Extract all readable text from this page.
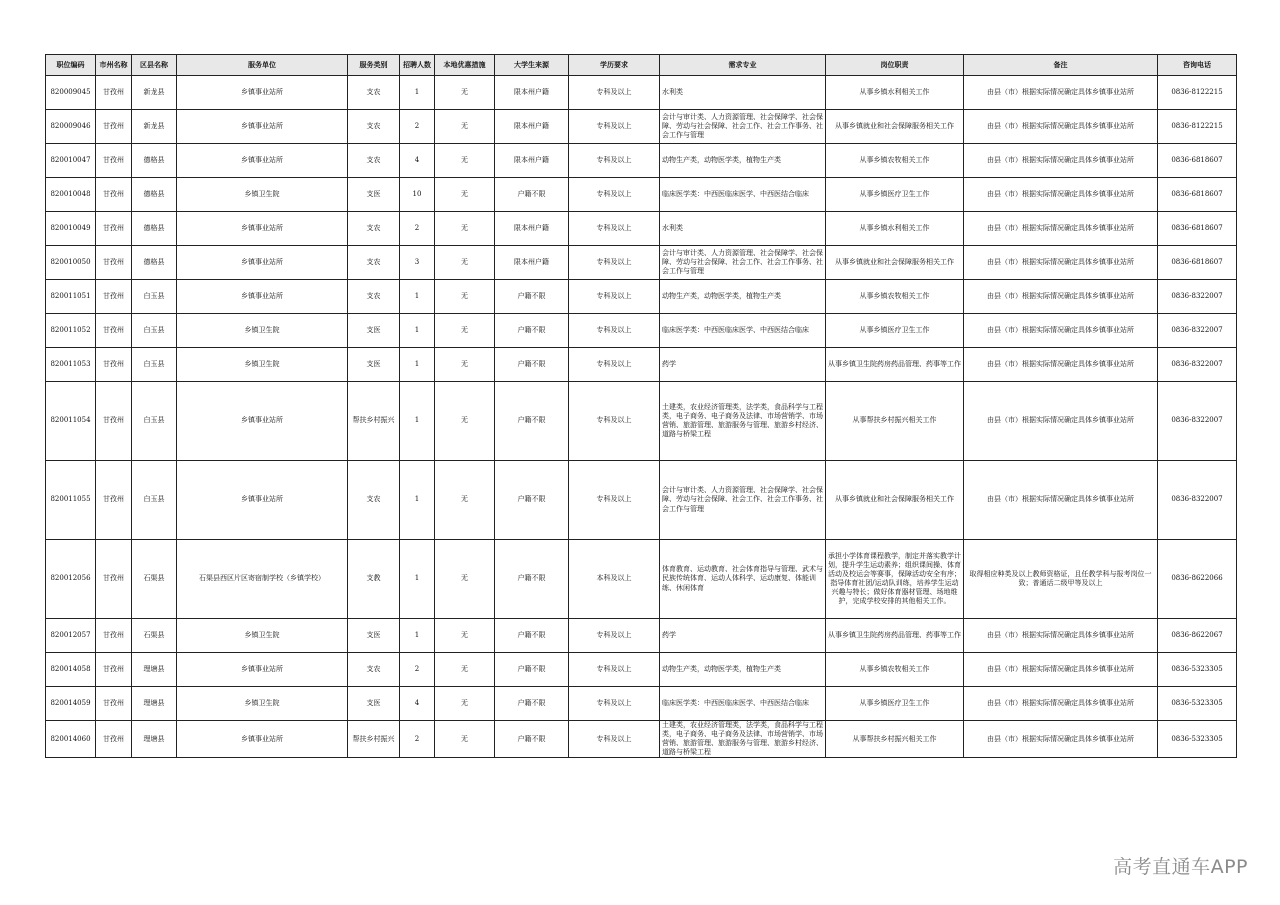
职位编码	市州名称	区县名称	服务单位	服务类别	招聘人数	本地优惠措施	大学生来源	学历要求	需求专业	岗位职责	备注	咨询电话
820009045	甘孜州	新龙县	乡镇事业站所	支农	1	无	限本州户籍	专科及以上	水利类	从事乡镇水利相关工作	由县（市）根据实际情况确定具体乡镇事业站所	0836-8122215
820009046	甘孜州	新龙县	乡镇事业站所	支农	2	无	限本州户籍	专科及以上	会计与审计类、人力资源管理、社会保障学、社会保障、劳动与社会保障、社会工作、社会工作事务、社会工作与管理	从事乡镇就业和社会保障服务相关工作	由县（市）根据实际情况确定具体乡镇事业站所	0836-8122215
820010047	甘孜州	德格县	乡镇事业站所	支农	4	无	限本州户籍	专科及以上	动物生产类，动物医学类，植物生产类	从事乡镇农牧相关工作	由县（市）根据实际情况确定具体乡镇事业站所	0836-6818607
820010048	甘孜州	德格县	乡镇卫生院	支医	10	无	户籍不限	专科及以上	临床医学类：中西医临床医学、中西医结合临床	从事乡镇医疗卫生工作	由县（市）根据实际情况确定具体乡镇事业站所	0836-6818607
820010049	甘孜州	德格县	乡镇事业站所	支农	2	无	限本州户籍	专科及以上	水利类	从事乡镇水利相关工作	由县（市）根据实际情况确定具体乡镇事业站所	0836-6818607
820010050	甘孜州	德格县	乡镇事业站所	支农	3	无	限本州户籍	专科及以上	会计与审计类、人力资源管理、社会保障学、社会保障、劳动与社会保障、社会工作、社会工作事务、社会工作与管理	从事乡镇就业和社会保障服务相关工作	由县（市）根据实际情况确定具体乡镇事业站所	0836-6818607
820011051	甘孜州	白玉县	乡镇事业站所	支农	1	无	户籍不限	专科及以上	动物生产类，动物医学类，植物生产类	从事乡镇农牧相关工作	由县（市）根据实际情况确定具体乡镇事业站所	0836-8322007
820011052	甘孜州	白玉县	乡镇卫生院	支医	1	无	户籍不限	专科及以上	临床医学类：中西医临床医学、中西医结合临床	从事乡镇医疗卫生工作	由县（市）根据实际情况确定具体乡镇事业站所	0836-8322007
820011053	甘孜州	白玉县	乡镇卫生院	支医	1	无	户籍不限	专科及以上	药学	从事乡镇卫生院药房药品管理、药事等工作	由县（市）根据实际情况确定具体乡镇事业站所	0836-8322007
820011054	甘孜州	白玉县	乡镇事业站所	帮扶乡村振兴	1	无	户籍不限	专科及以上	土建类，农业经济管理类，法学类，食品科学与工程类，电子商务、电子商务及法律、市场营销学、市场营销、旅游管理、旅游服务与管理、旅游乡村经济、道路与桥梁工程	从事帮扶乡村振兴相关工作	由县（市）根据实际情况确定具体乡镇事业站所	0836-8322007
820011055	甘孜州	白玉县	乡镇事业站所	支农	1	无	户籍不限	专科及以上	会计与审计类、人力资源管理、社会保障学、社会保障、劳动与社会保障、社会工作、社会工作事务、社会工作与管理	从事乡镇就业和社会保障服务相关工作	由县（市）根据实际情况确定具体乡镇事业站所	0836-8322007
820012056	甘孜州	石渠县	石渠县西区片区寄宿制学校（乡镇学校）	支教	1	无	户籍不限	本科及以上	体育教育、运动教育、社会体育指导与管理、武术与民族传统体育、运动人体科学、运动康复、体能训练、休闲体育	承担小学体育课程教学，制定并落实教学计划，提升学生运动素养；组织课间操、体育活动及校运会等赛事，保障活动安全有序；指导体育社团/运动队训练，培养学生运动兴趣与特长；做好体育器材管理、场地维护，完成学校安排的其他相关工作。	取得相应种类及以上教师资格证，且任教学科与报考岗位一致；普通话二级甲等及以上	0836-8622066
820012057	甘孜州	石渠县	乡镇卫生院	支医	1	无	户籍不限	专科及以上	药学	从事乡镇卫生院药房药品管理、药事等工作	由县（市）根据实际情况确定具体乡镇事业站所	0836-8622067
820014058	甘孜州	理塘县	乡镇事业站所	支农	2	无	户籍不限	专科及以上	动物生产类，动物医学类，植物生产类	从事乡镇农牧相关工作	由县（市）根据实际情况确定具体乡镇事业站所	0836-5323305
820014059	甘孜州	理塘县	乡镇卫生院	支医	4	无	户籍不限	专科及以上	临床医学类：中西医临床医学、中西医结合临床	从事乡镇医疗卫生工作	由县（市）根据实际情况确定具体乡镇事业站所	0836-5323305
820014060	甘孜州	理塘县	乡镇事业站所	帮扶乡村振兴	2	无	户籍不限	专科及以上	土建类，农业经济管理类，法学类，食品科学与工程类，电子商务、电子商务及法律、市场营销学、市场营销、旅游管理、旅游服务与管理、旅游乡村经济、道路与桥梁工程	从事帮扶乡村振兴相关工作	由县（市）根据实际情况确定具体乡镇事业站所	0836-5323305
高考直通车APP
